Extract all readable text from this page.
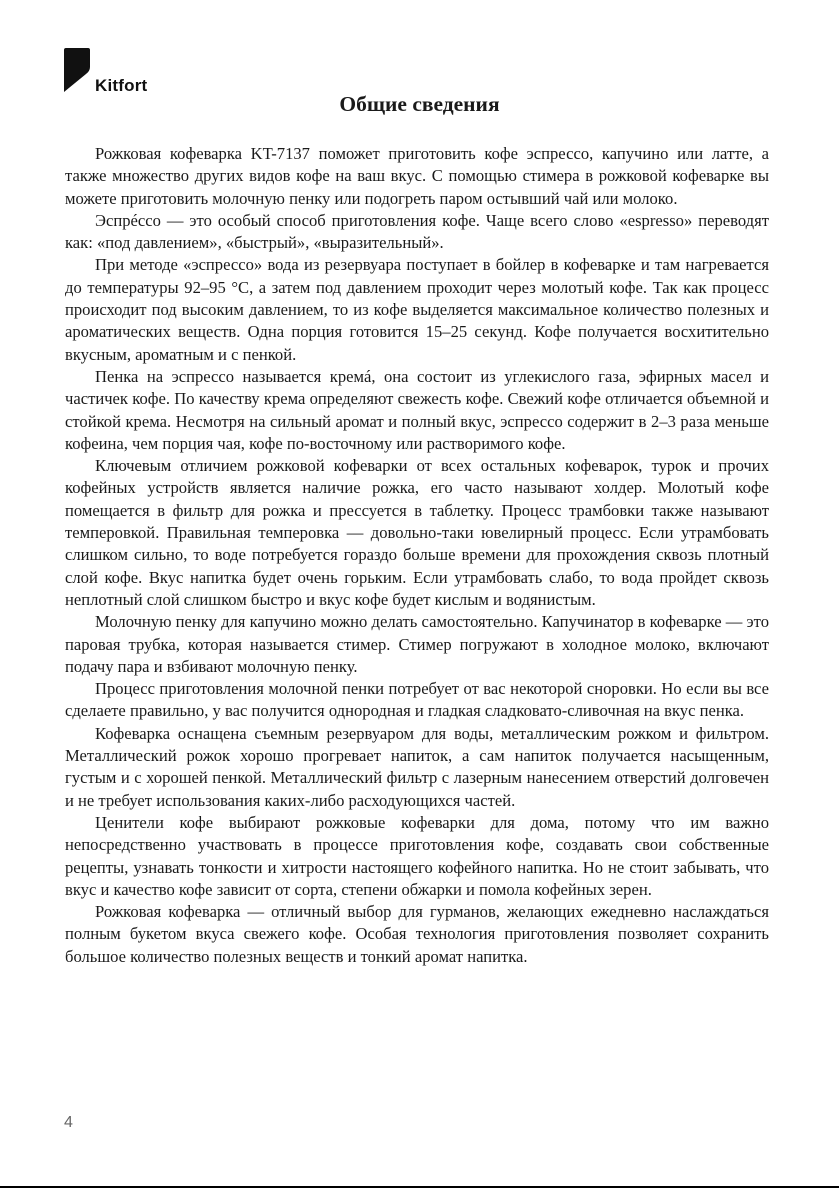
Kitfort
Общие сведения

Рожковая кофеварка KT-7137 поможет приготовить кофе эспрессо, капучино или латте, а также множество других видов кофе на ваш вкус. С помощью стимера в рожковой кофеварке вы можете приготовить молочную пенку или подогреть паром остывший чай или молоко.

Эспрéссо — это особый способ приготовления кофе. Чаще всего слово «espresso» переводят как: «под давлением», «быстрый», «выразительный».

При методе «эспрессо» вода из резервуара поступает в бойлер в кофеварке и там нагревается до температуры 92–95 °C, а затем под давлением проходит через молотый кофе. Так как процесс происходит под высоким давлением, то из кофе выделяется максимальное количество полезных и ароматических веществ. Одна порция готовится 15–25 секунд. Кофе получается восхитительно вкусным, ароматным и с пенкой.

Пенка на эспрессо называется кремá, она состоит из углекислого газа, эфирных масел и частичек кофе. По качеству крема определяют свежесть кофе. Свежий кофе отличается объемной и стойкой крема. Несмотря на сильный аромат и полный вкус, эспрессо содержит в 2–3 раза меньше кофеина, чем порция чая, кофе по-восточному или растворимого кофе.

Ключевым отличием рожковой кофеварки от всех остальных кофеварок, турок и прочих кофейных устройств является наличие рожка, его часто называют холдер. Молотый кофе помещается в фильтр для рожка и прессуется в таблетку. Процесс трамбовки также называют темперовкой. Правильная темперовка — довольно-таки ювелирный процесс. Если утрамбовать слишком сильно, то воде потребуется гораздо больше времени для прохождения сквозь плотный слой кофе. Вкус напитка будет очень горьким. Если утрамбовать слабо, то вода пройдет сквозь неплотный слой слишком быстро и вкус кофе будет кислым и водянистым.

Молочную пенку для капучино можно делать самостоятельно. Капучинатор в кофеварке — это паровая трубка, которая называется стимер. Стимер погружают в холодное молоко, включают подачу пара и взбивают молочную пенку.

Процесс приготовления молочной пенки потребует от вас некоторой сноровки. Но если вы все сделаете правильно, у вас получится однородная и гладкая сладковато-сливочная на вкус пенка.

Кофеварка оснащена съемным резервуаром для воды, металлическим рожком и фильтром. Металлический рожок хорошо прогревает напиток, а сам напиток получается насыщенным, густым и с хорошей пенкой. Металлический фильтр с лазерным нанесением отверстий долговечен и не требует использования каких-либо расходующихся частей.

Ценители кофе выбирают рожковые кофеварки для дома, потому что им важно непосредственно участвовать в процессе приготовления кофе, создавать свои собственные рецепты, узнавать тонкости и хитрости настоящего кофейного напитка. Но не стоит забывать, что вкус и качество кофе зависит от сорта, степени обжарки и помола кофейных зерен.

Рожковая кофеварка — отличный выбор для гурманов, желающих ежедневно наслаждаться полным букетом вкуса свежего кофе. Особая технология приготовления позволяет сохранить большое количество полезных веществ и тонкий аромат напитка.

4
